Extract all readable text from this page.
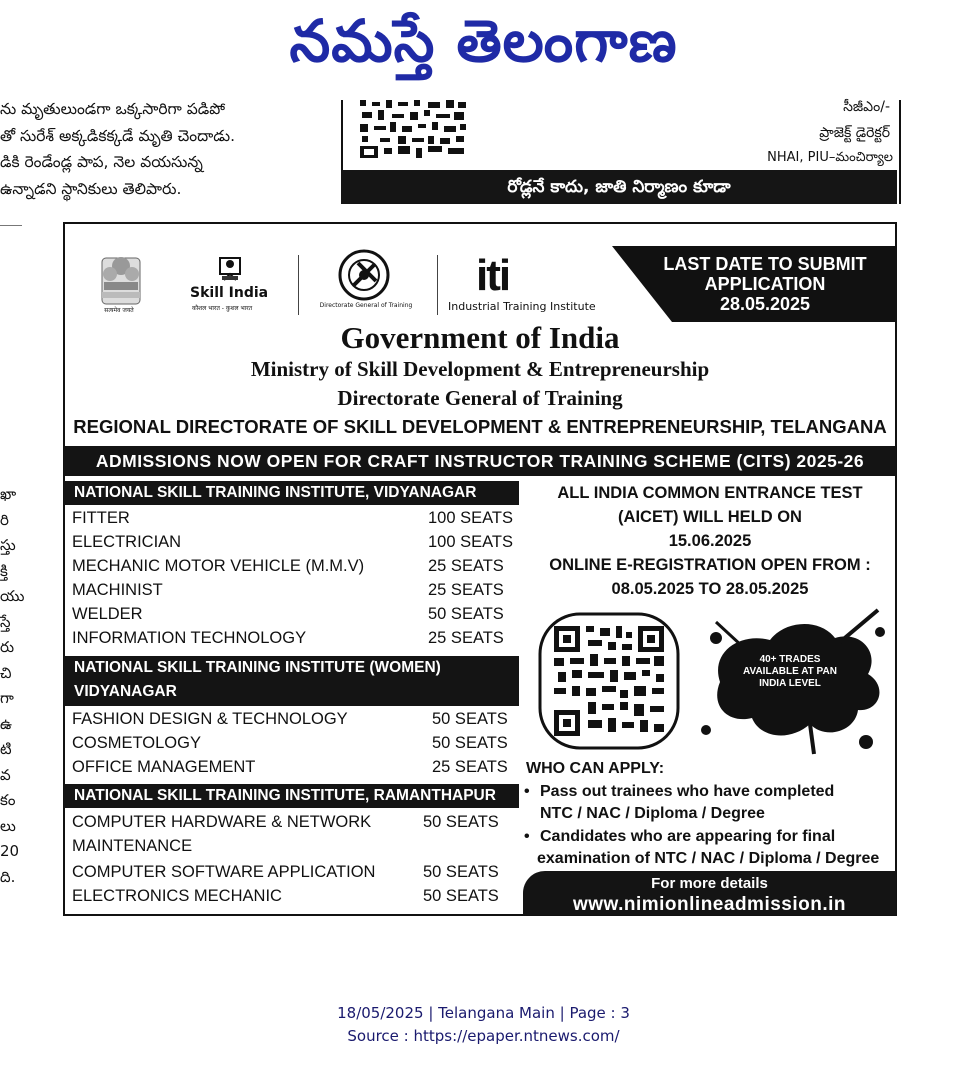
నమస్తే తెలంగాణ
ను మృతులుండగా ఒక్కసారిగా పడిపో
తో సురేశ్ అక్కడికక్కడే మృతి చెందాడు.
డికి రెండేండ్ల పాప, నెల వయసున్న
ఉన్నాడని స్థానికులు తెలిపారు.
ఖా
రి
స్తు
క్తి
యు
స్తే
రు
చి
గా
ఉ
టి
వ
కం
లు
20
ది.
సీజీఎం/-
ప్రాజెక్ట్ డైరెక్టర్
NHAI, PIU–మంచిర్యాల
రోడ్లనే కాదు, జాతి నిర్మాణం కూడా
सत्यमेव जयते
Skill India
कौशल भारत - कुशल भारत	Directorate General of Training
iti
Industrial Training Institute
LAST DATE TO SUBMIT
APPLICATION
28.05.2025
Government of India
Ministry of Skill Development & Entrepreneurship
Directorate General of Training
REGIONAL DIRECTORATE OF SKILL DEVELOPMENT & ENTREPRENEURSHIP, TELANGANA
ADMISSIONS NOW OPEN FOR CRAFT INSTRUCTOR TRAINING SCHEME (CITS) 2025-26
NATIONAL SKILL TRAINING INSTITUTE, VIDYANAGAR
FITTER	100 SEATS
ELECTRICIAN	100 SEATS
MECHANIC MOTOR VEHICLE (M.M.V)	25 SEATS
MACHINIST	25 SEATS
WELDER	50 SEATS
INFORMATION TECHNOLOGY	25 SEATS
NATIONAL SKILL TRAINING INSTITUTE (WOMEN)
VIDYANAGAR
FASHION DESIGN & TECHNOLOGY	50 SEATS
COSMETOLOGY	50 SEATS
OFFICE MANAGEMENT	25 SEATS
NATIONAL SKILL TRAINING INSTITUTE, RAMANTHAPUR
COMPUTER HARDWARE & NETWORK	50 SEATS
MAINTENANCE
COMPUTER SOFTWARE APPLICATION	50 SEATS
ELECTRONICS MECHANIC	50 SEATS
ALL INDIA COMMON ENTRANCE TEST
(AICET) WILL HELD ON
15.06.2025
ONLINE E-REGISTRATION OPEN FROM :
08.05.2025 TO 28.05.2025
40+ TRADES
AVAILABLE AT PAN
INDIA LEVEL
WHO CAN APPLY:
• Pass out trainees who have completed
NTC / NAC / Diploma / Degree
• Candidates who are appearing for final
examination of NTC / NAC / Diploma / Degree
For more details
www.nimionlineadmission.in
18/05/2025 | Telangana Main | Page : 3
Source : https://epaper.ntnews.com/
